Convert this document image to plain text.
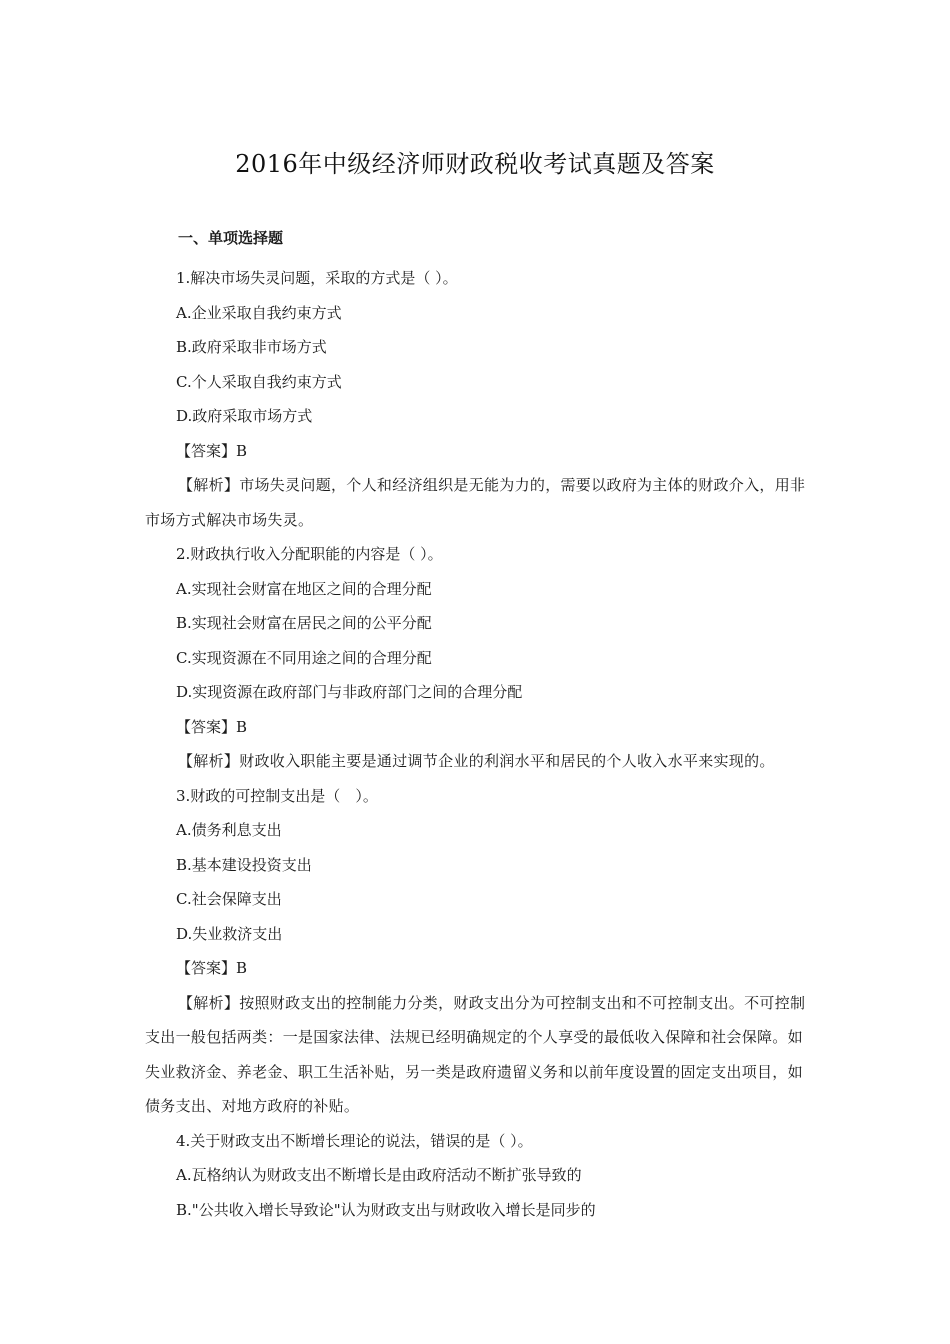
2016年中级经济师财政税收考试真题及答案
一、单项选择题
1.解决市场失灵问题，采取的方式是（ ）。
A.企业采取自我约束方式
B.政府采取非市场方式
C.个人采取自我约束方式
D.政府采取市场方式
【答案】B
【解析】市场失灵问题，个人和经济组织是无能为力的，需要以政府为主体的财政介入，用非市场方式解决市场失灵。
2.财政执行收入分配职能的内容是（ ）。
A.实现社会财富在地区之间的合理分配
B.实现社会财富在居民之间的公平分配
C.实现资源在不同用途之间的合理分配
D.实现资源在政府部门与非政府部门之间的合理分配
【答案】B
【解析】财政收入职能主要是通过调节企业的利润水平和居民的个人收入水平来实现的。
3.财政的可控制支出是（　）。
A.债务利息支出
B.基本建设投资支出
C.社会保障支出
D.失业救济支出
【答案】B
【解析】按照财政支出的控制能力分类，财政支出分为可控制支出和不可控制支出。不可控制支出一般包括两类：一是国家法律、法规已经明确规定的个人享受的最低收入保障和社会保障。如失业救济金、养老金、职工生活补贴，另一类是政府遗留义务和以前年度设置的固定支出项目，如债务支出、对地方政府的补贴。
4.关于财政支出不断增长理论的说法，错误的是（ ）。
A.瓦格纳认为财政支出不断增长是由政府活动不断扩张导致的
B."公共收入增长导致论"认为财政支出与财政收入增长是同步的
